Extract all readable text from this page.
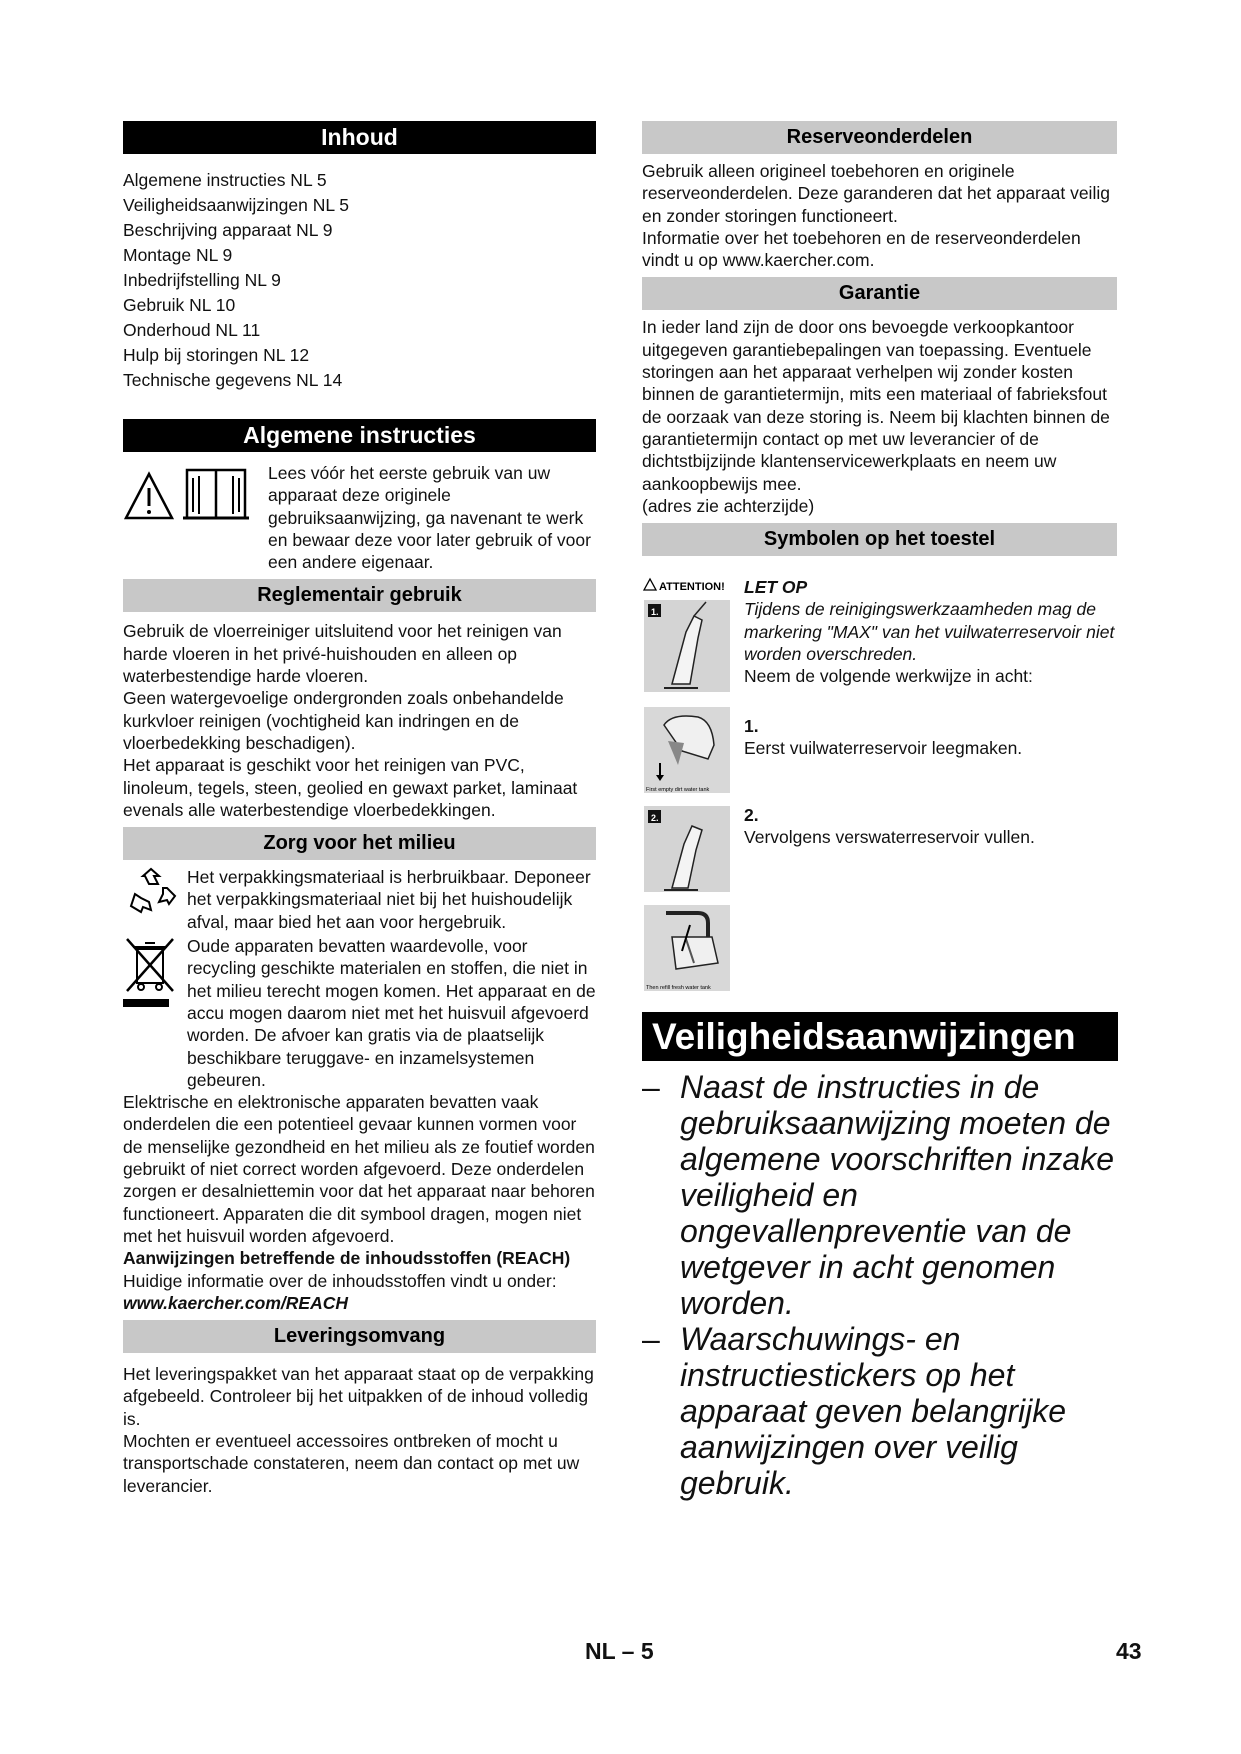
Inhoud
Algemene instructies NL 5
Veiligheidsaanwijzingen NL 5
Beschrijving apparaat NL 9
Montage NL 9
Inbedrijfstelling NL 9
Gebruik NL 10
Onderhoud NL 11
Hulp bij storingen NL 12
Technische gegevens NL 14
Algemene instructies

Lees vóór het eerste gebruik van uw apparaat deze originele gebruiksaanwijzing, ga navenant te werk en bewaar deze voor later gebruik of voor een andere eigenaar.

Reglementair gebruik

Gebruik de vloerreiniger uitsluitend voor het reinigen van harde vloeren in het privé-huishouden en alleen op waterbestendige harde vloeren.

Geen watergevoelige ondergronden zoals onbehandelde kurkvloer reinigen (vochtigheid kan indringen en de vloerbedekking beschadigen).

Het apparaat is geschikt voor het reinigen van PVC, linoleum, tegels, steen, geolied en gewaxt parket, laminaat evenals alle waterbestendige vloerbedekkingen.

Zorg voor het milieu

Het verpakkingsmateriaal is herbruikbaar. Deponeer het verpakkingsmateriaal niet bij het huishoudelijk afval, maar bied het aan voor hergebruik.

Oude apparaten bevatten waardevolle, voor recycling geschikte materialen en stoffen, die niet in het milieu terecht mogen komen. Het apparaat en de accu mogen daarom niet met het huisvuil afgevoerd worden. De afvoer kan gratis via de plaatselijk beschikbare teruggave- en inzamelsystemen gebeuren.

Elektrische en elektronische apparaten bevatten vaak onderdelen die een potentieel gevaar kunnen vormen voor de menselijke gezondheid en het milieu als ze foutief worden gebruikt of niet correct worden afgevoerd. Deze onderdelen zorgen er desalniettemin voor dat het apparaat naar behoren functioneert. Apparaten die dit symbool dragen, mogen niet met het huisvuil worden afgevoerd.

Aanwijzingen betreffende de inhoudsstoffen (REACH)

Huidige informatie over de inhoudsstoffen vindt u onder:

www.kaercher.com/REACH

Leveringsomvang

Het leveringspakket van het apparaat staat op de verpakking afgebeeld. Controleer bij het uitpakken of de inhoud volledig is.

Mochten er eventueel accessoires ontbreken of mocht u transportschade constateren, neem dan contact op met uw leverancier.

Reserveonderdelen

Gebruik alleen origineel toebehoren en originele reserveonderdelen. Deze garanderen dat het apparaat veilig en zonder storingen functioneert.

Informatie over het toebehoren en de reserveonderdelen vindt u op www.kaercher.com.

Garantie

In ieder land zijn de door ons bevoegde verkoopkantoor uitgegeven garantiebepalingen van toepassing. Eventuele storingen aan het apparaat verhelpen wij zonder kosten binnen de garantietermijn, mits een materiaal of fabrieksfout de oorzaak van deze storing is. Neem bij klachten binnen de garantietermijn contact op met uw leverancier of de dichtstbijzijnde klantenservicewerkplaats en neem uw aankoopbewijs mee.

(adres zie achterzijde)

Symbolen op het toestel
ATTENTION!
1.

LET OP

Tijdens de reinigingswerkzaamheden mag de markering "MAX" van het vuilwaterreservoir niet worden overschreden.

Neem de volgende werkwijze in acht:

First empty dirt water tank

1.

Eerst vuilwaterreservoir leegmaken.

2.	2.

Vervolgens verswaterreservoir vullen.

Then refill fresh water tank
Veiligheidsaanwijzingen
– Naast de instructies in de gebruiksaanwijzing moeten de algemene voorschriften inzake veiligheid en ongevallenpreventie van de wetgever in acht genomen worden.
– Waarschuwings- en instructiestickers op het apparaat geven belangrijke aanwijzingen over veilig gebruik.
NL – 5	43
